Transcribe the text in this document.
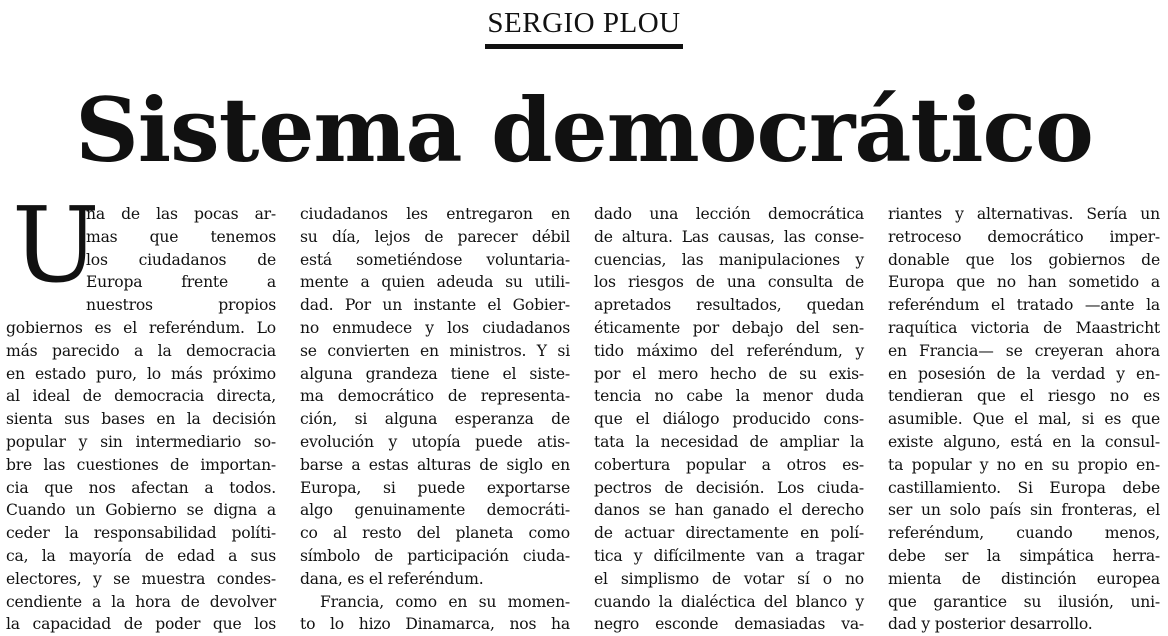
SERGIO PLOU
Sistema democrático
U
na de las pocas ar-
mas que tenemos
los ciudadanos de
Europa frente a
nuestros propios
gobiernos es el referéndum. Lo
más parecido a la democracia
en estado puro, lo más próximo
al ideal de democracia directa,
sienta sus bases en la decisión
popular y sin intermediario so-
bre las cuestiones de importan-
cia que nos afectan a todos.
Cuando un Gobierno se digna a
ceder la responsabilidad políti-
ca, la mayoría de edad a sus
electores, y se muestra condes-
cendiente a la hora de devolver
la capacidad de poder que los
ciudadanos les entregaron en
su día, lejos de parecer débil
está sometiéndose voluntaria-
mente a quien adeuda su utili-
dad. Por un instante el Gobier-
no enmudece y los ciudadanos
se convierten en ministros. Y si
alguna grandeza tiene el siste-
ma democrático de representa-
ción, si alguna esperanza de
evolución y utopía puede atis-
barse a estas alturas de siglo en
Europa, si puede exportarse
algo genuinamente democráti-
co al resto del planeta como
símbolo de participación ciuda-
dana, es el referéndum.
Francia, como en su momen-
to lo hizo Dinamarca, nos ha
dado una lección democrática
de altura. Las causas, las conse-
cuencias, las manipulaciones y
los riesgos de una consulta de
apretados resultados, quedan
éticamente por debajo del sen-
tido máximo del referéndum, y
por el mero hecho de su exis-
tencia no cabe la menor duda
que el diálogo producido cons-
tata la necesidad de ampliar la
cobertura popular a otros es-
pectros de decisión. Los ciuda-
danos se han ganado el derecho
de actuar directamente en polí-
tica y difícilmente van a tragar
el simplismo de votar sí o no
cuando la dialéctica del blanco y
negro esconde demasiadas va-
riantes y alternativas. Sería un
retroceso democrático imper-
donable que los gobiernos de
Europa que no han sometido a
referéndum el tratado —ante la
raquítica victoria de Maastricht
en Francia— se creyeran ahora
en posesión de la verdad y en-
tendieran que el riesgo no es
asumible. Que el mal, si es que
existe alguno, está en la consul-
ta popular y no en su propio en-
castillamiento. Si Europa debe
ser un solo país sin fronteras, el
referéndum, cuando menos,
debe ser la simpática herra-
mienta de distinción europea
que garantice su ilusión, uni-
dad y posterior desarrollo.
